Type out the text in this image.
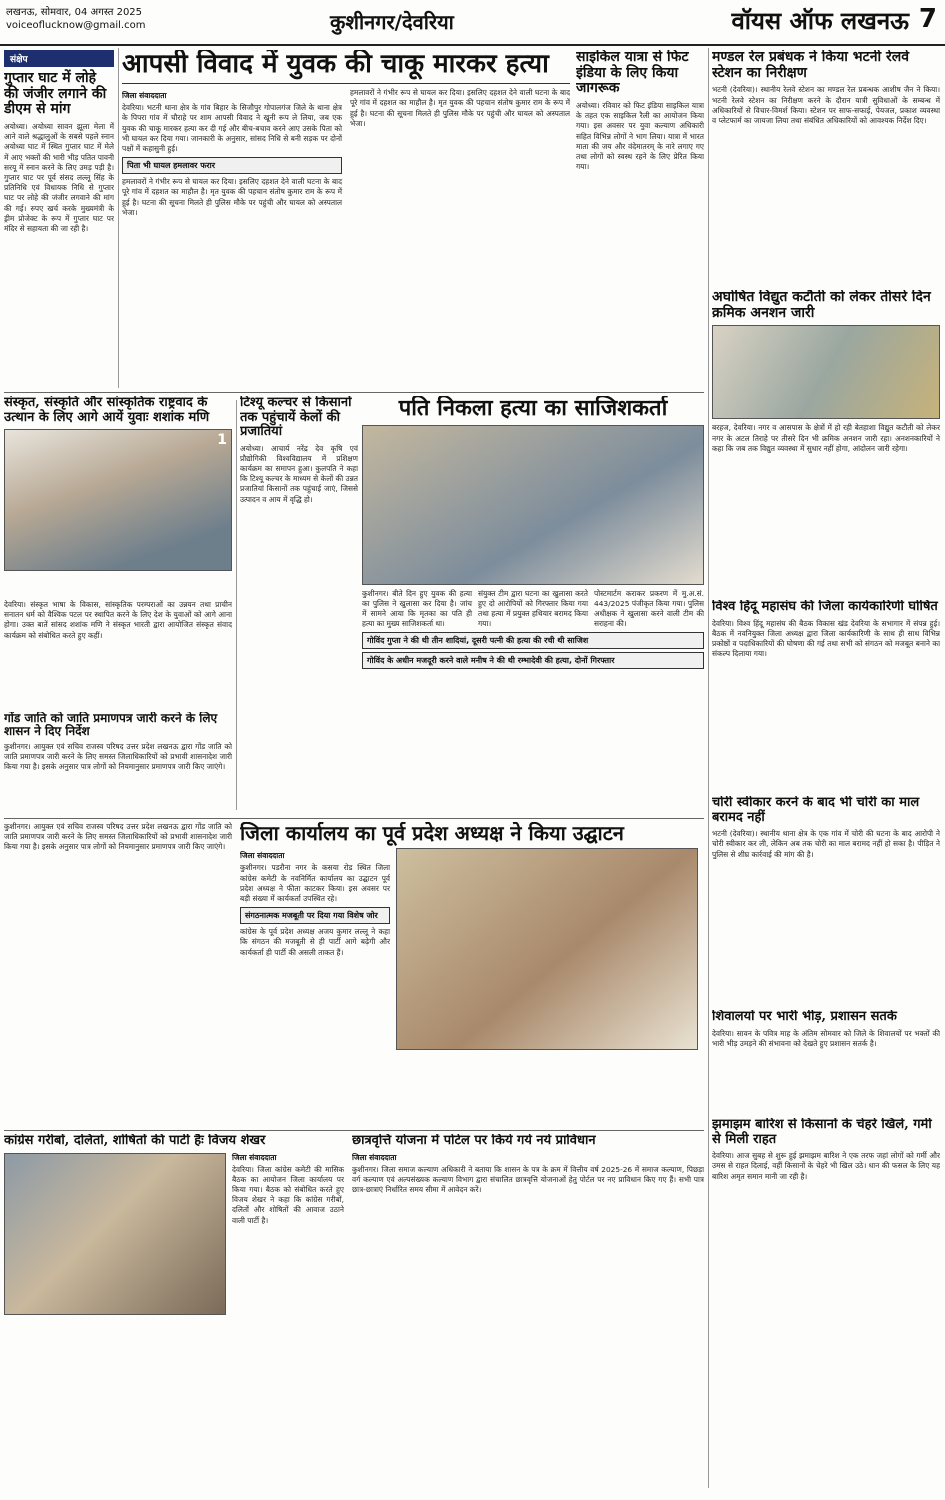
लखनऊ, सोमवार, 04 अगस्त 2025
voiceoflucknow@gmail.com	कुशीनगर/देवरिया	वॉयस ऑफ लखनऊ 7
संक्षेप
गुप्तार घाट में लोहे की जंजीर लगाने की डीएम से मांग
अयोध्या। अयोध्या सावन झूला मेला में आने वाले श्रद्धालुओं के सबसे पहले स्नान अयोध्या घाट में स्थित गुप्तार घाट में मेले में आए भक्तों की भारी भीड़ पतित पावनी सरयू में स्नान करने के लिए उमड़ पड़ी है। गुप्तार घाट पर पूर्व संसद लल्लू सिंह के प्रतिनिधि एवं विधायक निधि से गुप्तार घाट पर लोहे की जंजीर लगवाने की मांग की गई। रुपए खर्च करके मुख्यमंत्री के ड्रीम प्रोजेक्ट के रूप में गुप्तार घाट पर मंदिर से सहायता की जा रही है।
आपसी विवाद में युवक की चाकू मारकर हत्या
जिला संवाददाता
देवरिया। भटनी थाना क्षेत्र के गांव बिहार के सिजौपुर गोपालगंज जिले के थाना क्षेत्र के पिपरा गांव में चौराहे पर शाम आपसी विवाद ने खूनी रूप ले लिया, जब एक युवक की चाकू मारकर हत्या कर दी गई और बीच-बचाव करने आए उसके पिता को भी घायल कर दिया गया। जानकारी के अनुसार, सांसद निधि से बनी सड़क पर दोनों पक्षों में कहासुनी हुई।
पिता भी घायल हमलावर फरार
हमलावरों ने गंभीर रूप से घायल कर दिया। इसलिए दहशत देने वाली घटना के बाद पूरे गांव में दहशत का माहौल है। मृत युवक की पहचान संतोष कुमार राम के रूप में हुई है। घटना की सूचना मिलते ही पुलिस मौके पर पहुंची और घायल को अस्पताल भेजा।
हमलावरों ने गंभीर रूप से घायल कर दिया। इसलिए दहशत देने वाली घटना के बाद पूरे गांव में दहशत का माहौल है। मृत युवक की पहचान संतोष कुमार राम के रूप में हुई है। घटना की सूचना मिलते ही पुलिस मौके पर पहुंची और घायल को अस्पताल भेजा।
साइकिल यात्रा से फिट इंडिया के लिए किया जागरूक
अयोध्या। रविवार को फिट इंडिया साइकिल यात्रा के तहत एक साइकिल रैली का आयोजन किया गया। इस अवसर पर युवा कल्याण अधिकारी सहित विभिन्न लोगों ने भाग लिया। यात्रा में भारत माता की जय और वंदेमातरम् के नारे लगाए गए तथा लोगों को स्वस्थ रहने के लिए प्रेरित किया गया।
मण्डल रेल प्रबंधक ने किया भटनी रेलवे स्टेशन का निरीक्षण
भटनी (देवरिया)। स्थानीय रेलवे स्टेशन का मण्डल रेल प्रबन्धक आशीष जैन ने किया। भटनी रेलवे स्टेशन का निरीक्षण करने के दौरान यात्री सुविधाओं के सम्बन्ध में अधिकारियों से विचार-विमर्श किया। स्टेशन पर साफ-सफाई, पेयजल, प्रकाश व्यवस्था व प्लेटफार्म का जायजा लिया तथा संबंधित अधिकारियों को आवश्यक निर्देश दिए।
अघोषित विद्युत कटौती को लेकर तीसरे दिन क्रमिक अनशन जारी
बरहज, देवरिया। नगर व आसपास के क्षेत्रों में हो रही बेतहाशा विद्युत कटौती को लेकर नगर के अटल तिराहे पर तीसरे दिन भी क्रमिक अनशन जारी रहा। अनशनकारियों ने कहा कि जब तक विद्युत व्यवस्था में सुधार नहीं होगा, आंदोलन जारी रहेगा।
विश्व हिंदू महासंघ की जिला कार्यकारिणी घोषित
देवरिया। विश्व हिंदू महासंघ की बैठक विकास खंड देवरिया के सभागार में संपन्न हुई। बैठक में नवनियुक्त जिला अध्यक्ष द्वारा जिला कार्यकारिणी के साथ ही साथ विभिन्न प्रकोष्ठों व पदाधिकारियों की घोषणा की गई तथा सभी को संगठन को मजबूत बनाने का संकल्प दिलाया गया।
चोरी स्वीकार करने के बाद भी चोरी का माल बरामद नहीं
भटनी (देवरिया)। स्थानीय थाना क्षेत्र के एक गांव में चोरी की घटना के बाद आरोपी ने चोरी स्वीकार कर ली, लेकिन अब तक चोरी का माल बरामद नहीं हो सका है। पीड़ित ने पुलिस से शीघ्र कार्रवाई की मांग की है।
शिवालयों पर भारी भीड़, प्रशासन सतर्क
देवरिया। सावन के पवित्र माह के अंतिम सोमवार को जिले के शिवालयों पर भक्तों की भारी भीड़ उमड़ने की संभावना को देखते हुए प्रशासन सतर्क है।
झमाझम बारिश से किसानों के चेहरे खिले, गर्मी से मिली राहत
देवरिया। आज सुबह से शुरू हुई झमाझम बारिश ने एक तरफ जहां लोगों को गर्मी और उमस से राहत दिलाई, वहीं किसानों के चेहरे भी खिल उठे। धान की फसल के लिए यह बारिश अमृत समान मानी जा रही है।
संस्कृत, संस्कृति और सांस्कृतिक राष्ट्रवाद के उत्थान के लिए आगे आयें युवाः शशांक मणि
1
देवरिया। संस्कृत भाषा के विकास, सांस्कृतिक परम्पराओं का उन्नयन तथा प्राचीन सनातन धर्म को वैश्विक पटल पर स्थापित करने के लिए देश के युवाओं को आगे आना होगा। उक्त बातें सांसद शशांक मणि ने संस्कृत भारती द्वारा आयोजित संस्कृत संवाद कार्यक्रम को संबोधित करते हुए कहीं।
टिश्यू कल्चर से किसानों तक पहुंचायें केलों की प्रजातियां
अयोध्या। आचार्य नरेंद्र देव कृषि एवं प्रौद्योगिकी विश्वविद्यालय में प्रशिक्षण कार्यक्रम का समापन हुआ। कुलपति ने कहा कि टिश्यू कल्चर के माध्यम से केलों की उन्नत प्रजातियां किसानों तक पहुंचाई जाएं, जिससे उत्पादन व आय में वृद्धि हो।
पति निकला हत्या का साजिशकर्ता
कुशीनगर। बीते दिन हुए युवक की हत्या का पुलिस ने खुलासा कर दिया है। जांच में सामने आया कि मृतका का पति ही हत्या का मुख्य साजिशकर्ता था।
संयुक्त टीम द्वारा घटना का खुलासा करते हुए दो आरोपियों को गिरफ्तार किया गया तथा हत्या में प्रयुक्त हथियार बरामद किया गया।
पोस्टमार्टम कराकर प्रकरण में मु.अ.सं. 443/2025 पंजीकृत किया गया। पुलिस अधीक्षक ने खुलासा करने वाली टीम की सराहना की।
गोविंद गुप्ता ने की थी तीन शादियां, दूसरी पत्नी की हत्या की रची थी साजिश
गोविंद के अधीन मजदूरी करने वाले मनीष ने की थी रम्भादेवी की हत्या, दोनों गिरफ्तार
गोंड जाति को जाति प्रमाणपत्र जारी करने के लिए शासन ने दिए निर्देश
कुशीनगर। आयुक्त एवं सचिव राजस्व परिषद उत्तर प्रदेश लखनऊ द्वारा गोंड जाति को जाति प्रमाणपत्र जारी करने के लिए समस्त जिलाधिकारियों को प्रभावी शासनादेश जारी किया गया है। इसके अनुसार पात्र लोगों को नियमानुसार प्रमाणपत्र जारी किए जाएंगे।
जिला कार्यालय का पूर्व प्रदेश अध्यक्ष ने किया उद्घाटन
जिला संवाददाता
कुशीनगर। पडरौना नगर के कसया रोड स्थित जिला कांग्रेस कमेटी के नवनिर्मित कार्यालय का उद्घाटन पूर्व प्रदेश अध्यक्ष ने फीता काटकर किया। इस अवसर पर बड़ी संख्या में कार्यकर्ता उपस्थित रहे।
संगठनात्मक मजबूती पर दिया गया विशेष जोर
कांग्रेस के पूर्व प्रदेश अध्यक्ष अजय कुमार लल्लू ने कहा कि संगठन की मजबूती से ही पार्टी आगे बढ़ेगी और कार्यकर्ता ही पार्टी की असली ताकत हैं।
कुशीनगर। आयुक्त एवं सचिव राजस्व परिषद उत्तर प्रदेश लखनऊ द्वारा गोंड जाति को जाति प्रमाणपत्र जारी करने के लिए समस्त जिलाधिकारियों को प्रभावी शासनादेश जारी किया गया है। इसके अनुसार पात्र लोगों को नियमानुसार प्रमाणपत्र जारी किए जाएंगे।
कांग्रेस गरीबों, दलितों, शोषितों की पार्टी हैः विजय शेखर
जिला संवाददाता
देवरिया। जिला कांग्रेस कमेटी की मासिक बैठक का आयोजन जिला कार्यालय पर किया गया। बैठक को संबोधित करते हुए विजय शेखर ने कहा कि कांग्रेस गरीबों, दलितों और शोषितों की आवाज उठाने वाली पार्टी है।
छात्रवृत्ति योजना में पोर्टल पर किये गये नये प्राविधान
जिला संवाददाता
कुशीनगर। जिला समाज कल्याण अधिकारी ने बताया कि शासन के पत्र के क्रम में वित्तीय वर्ष 2025-26 में समाज कल्याण, पिछड़ा वर्ग कल्याण एवं अल्पसंख्यक कल्याण विभाग द्वारा संचालित छात्रवृत्ति योजनाओं हेतु पोर्टल पर नए प्राविधान किए गए हैं। सभी पात्र छात्र-छात्राएं निर्धारित समय सीमा में आवेदन करें।
